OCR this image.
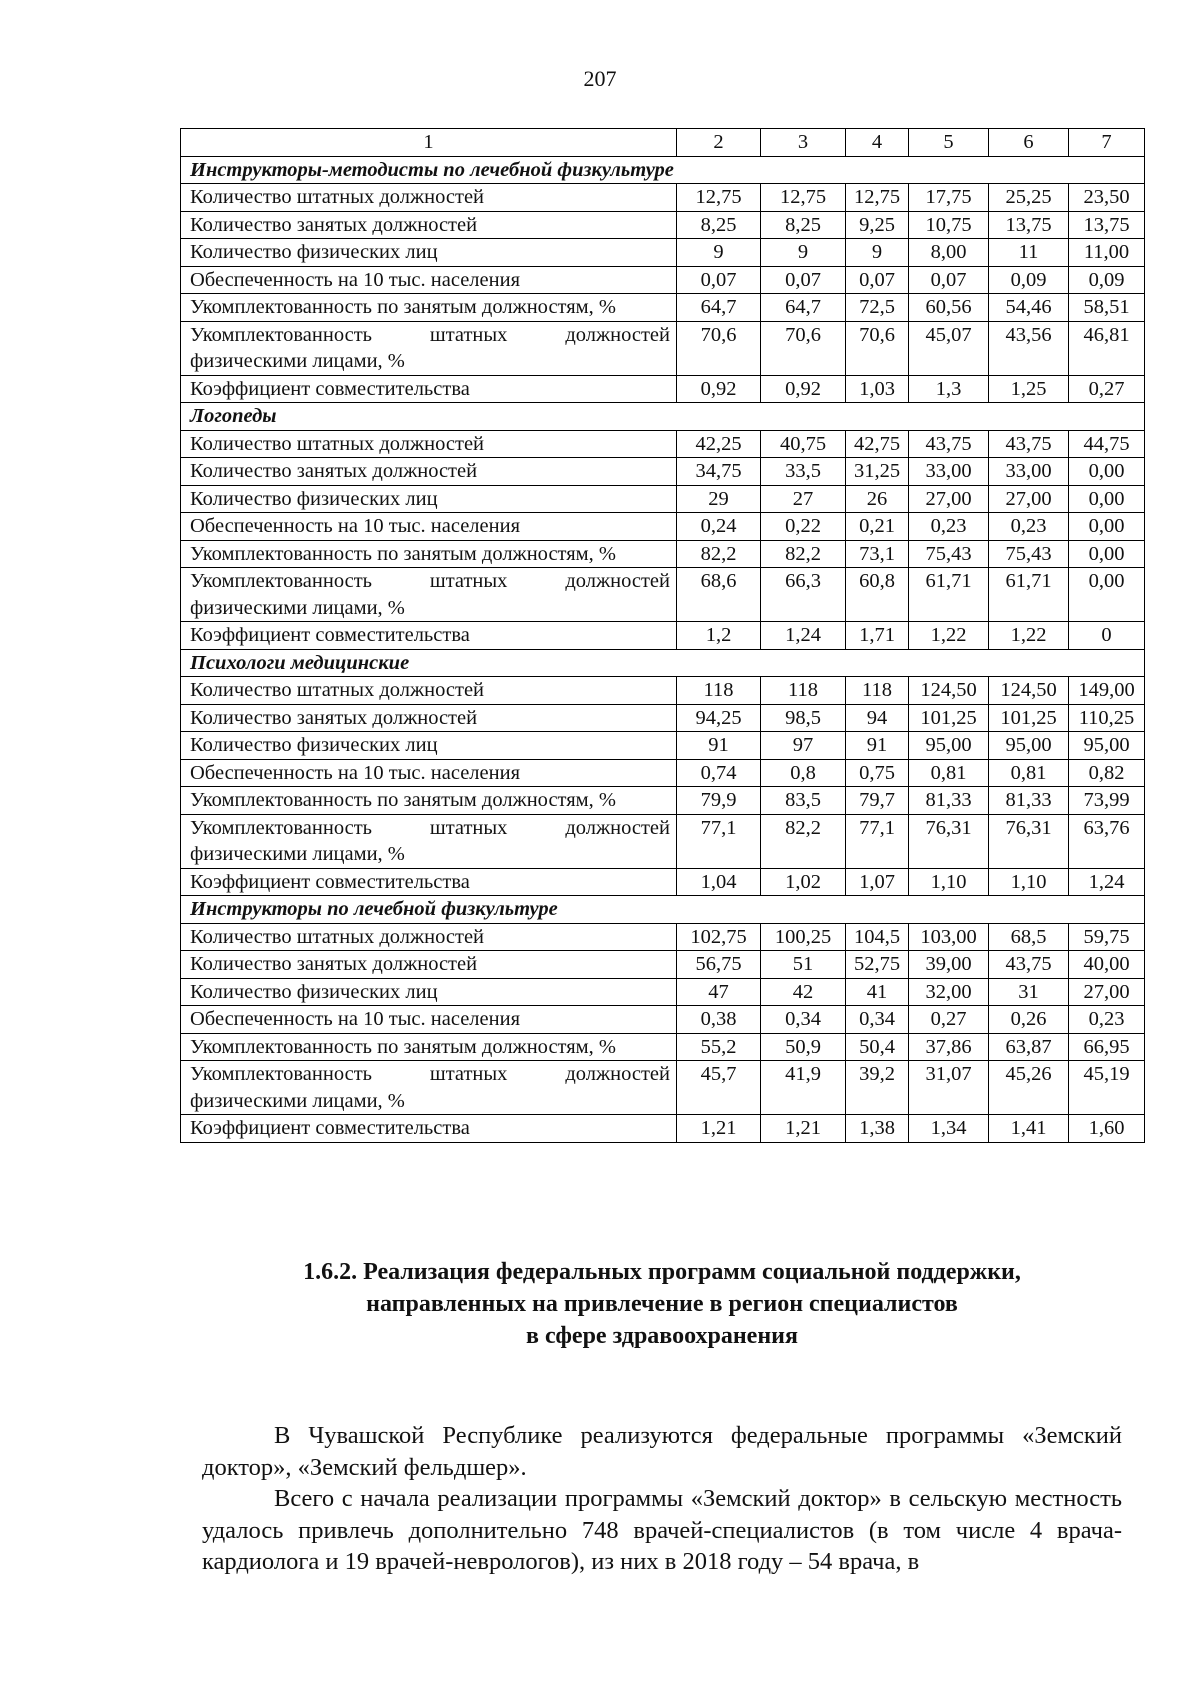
207
1	2	3	4	5	6	7
Инструкторы-методисты по лечебной физкультуре						
Количество штатных должностей	12,75	12,75	12,75	17,75	25,25	23,50
Количество занятых должностей	8,25	8,25	9,25	10,75	13,75	13,75
Количество физических лиц	9	9	9	8,00	11	11,00
Обеспеченность на 10 тыс. населения	0,07	0,07	0,07	0,07	0,09	0,09
Укомплектованность по занятым должностям, %	64,7	64,7	72,5	60,56	54,46	58,51
Укомплектованность штатных должностей физическими лицами, %	70,6	70,6	70,6	45,07	43,56	46,81
Коэффициент совместительства	0,92	0,92	1,03	1,3	1,25	0,27
Логопеды						
Количество штатных должностей	42,25	40,75	42,75	43,75	43,75	44,75
Количество занятых должностей	34,75	33,5	31,25	33,00	33,00	0,00
Количество физических лиц	29	27	26	27,00	27,00	0,00
Обеспеченность на 10 тыс. населения	0,24	0,22	0,21	0,23	0,23	0,00
Укомплектованность по занятым должностям, %	82,2	82,2	73,1	75,43	75,43	0,00
Укомплектованность штатных должностей физическими лицами, %	68,6	66,3	60,8	61,71	61,71	0,00
Коэффициент совместительства	1,2	1,24	1,71	1,22	1,22	0
Психологи медицинские						
Количество штатных должностей	118	118	118	124,50	124,50	149,00
Количество занятых должностей	94,25	98,5	94	101,25	101,25	110,25
Количество физических лиц	91	97	91	95,00	95,00	95,00
Обеспеченность на 10 тыс. населения	0,74	0,8	0,75	0,81	0,81	0,82
Укомплектованность по занятым должностям, %	79,9	83,5	79,7	81,33	81,33	73,99
Укомплектованность штатных должностей физическими лицами, %	77,1	82,2	77,1	76,31	76,31	63,76
Коэффициент совместительства	1,04	1,02	1,07	1,10	1,10	1,24
Инструкторы по лечебной физкультуре						
Количество штатных должностей	102,75	100,25	104,5	103,00	68,5	59,75
Количество занятых должностей	56,75	51	52,75	39,00	43,75	40,00
Количество физических лиц	47	42	41	32,00	31	27,00
Обеспеченность на 10 тыс. населения	0,38	0,34	0,34	0,27	0,26	0,23
Укомплектованность по занятым должностям, %	55,2	50,9	50,4	37,86	63,87	66,95
Укомплектованность штатных должностей физическими лицами, %	45,7	41,9	39,2	31,07	45,26	45,19
Коэффициент совместительства	1,21	1,21	1,38	1,34	1,41	1,60
1.6.2. Реализация федеральных программ социальной поддержки,
направленных на привлечение в регион специалистов
в сфере здравоохранения

В Чувашской Республике реализуются федеральные программы «Земский доктор», «Земский фельдшер».

Всего с начала реализации программы «Земский доктор» в сельскую местность удалось привлечь дополнительно 748 врачей-специалистов (в том числе 4 врача-кардиолога и 19 врачей-неврологов), из них в 2018 году – 54 врача, в
